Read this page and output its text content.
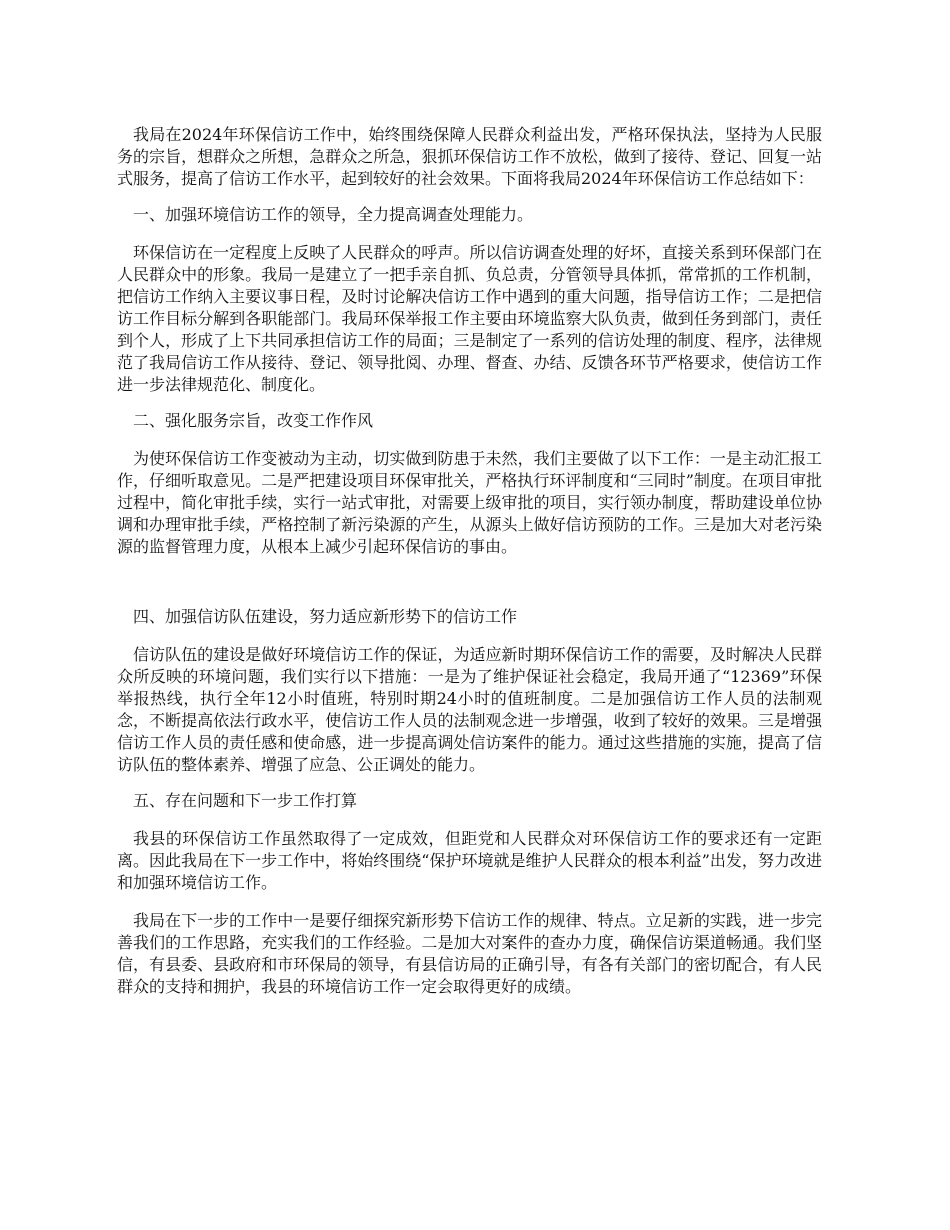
我局在2024年环保信访工作中，始终围绕保障人民群众利益出发，严格环保执法，坚持为人民服务的宗旨，想群众之所想，急群众之所急，狠抓环保信访工作不放松，做到了接待、登记、回复一站式服务，提高了信访工作水平，起到较好的社会效果。下面将我局2024年环保信访工作总结如下：

一、加强环境信访工作的领导，全力提高调查处理能力。

环保信访在一定程度上反映了人民群众的呼声。所以信访调查处理的好坏，直接关系到环保部门在人民群众中的形象。我局一是建立了一把手亲自抓、负总责，分管领导具体抓，常常抓的工作机制，把信访工作纳入主要议事日程，及时讨论解决信访工作中遇到的重大问题，指导信访工作；二是把信访工作目标分解到各职能部门。我局环保举报工作主要由环境监察大队负责，做到任务到部门，责任到个人，形成了上下共同承担信访工作的局面；三是制定了一系列的信访处理的制度、程序，法律规范了我局信访工作从接待、登记、领导批阅、办理、督查、办结、反馈各环节严格要求，使信访工作进一步法律规范化、制度化。

二、强化服务宗旨，改变工作作风

为使环保信访工作变被动为主动，切实做到防患于未然，我们主要做了以下工作：一是主动汇报工作，仔细听取意见。二是严把建设项目环保审批关，严格执行环评制度和“三同时”制度。在项目审批过程中，简化审批手续，实行一站式审批，对需要上级审批的项目，实行领办制度，帮助建设单位协调和办理审批手续，严格控制了新污染源的产生，从源头上做好信访预防的工作。三是加大对老污染源的监督管理力度，从根本上减少引起环保信访的事由。

四、加强信访队伍建设，努力适应新形势下的信访工作

信访队伍的建设是做好环境信访工作的保证，为适应新时期环保信访工作的需要，及时解决人民群众所反映的环境问题，我们实行以下措施：一是为了维护保证社会稳定，我局开通了“12369”环保举报热线，执行全年12小时值班，特别时期24小时的值班制度。二是加强信访工作人员的法制观念，不断提高依法行政水平，使信访工作人员的法制观念进一步增强，收到了较好的效果。三是增强信访工作人员的责任感和使命感，进一步提高调处信访案件的能力。通过这些措施的实施，提高了信访队伍的整体素养、增强了应急、公正调处的能力。

五、存在问题和下一步工作打算

我县的环保信访工作虽然取得了一定成效，但距党和人民群众对环保信访工作的要求还有一定距离。因此我局在下一步工作中，将始终围绕“保护环境就是维护人民群众的根本利益”出发，努力改进和加强环境信访工作。

我局在下一步的工作中一是要仔细探究新形势下信访工作的规律、特点。立足新的实践，进一步完善我们的工作思路，充实我们的工作经验。二是加大对案件的查办力度，确保信访渠道畅通。我们坚信，有县委、县政府和市环保局的领导，有县信访局的正确引导，有各有关部门的密切配合，有人民群众的支持和拥护，我县的环境信访工作一定会取得更好的成绩。
